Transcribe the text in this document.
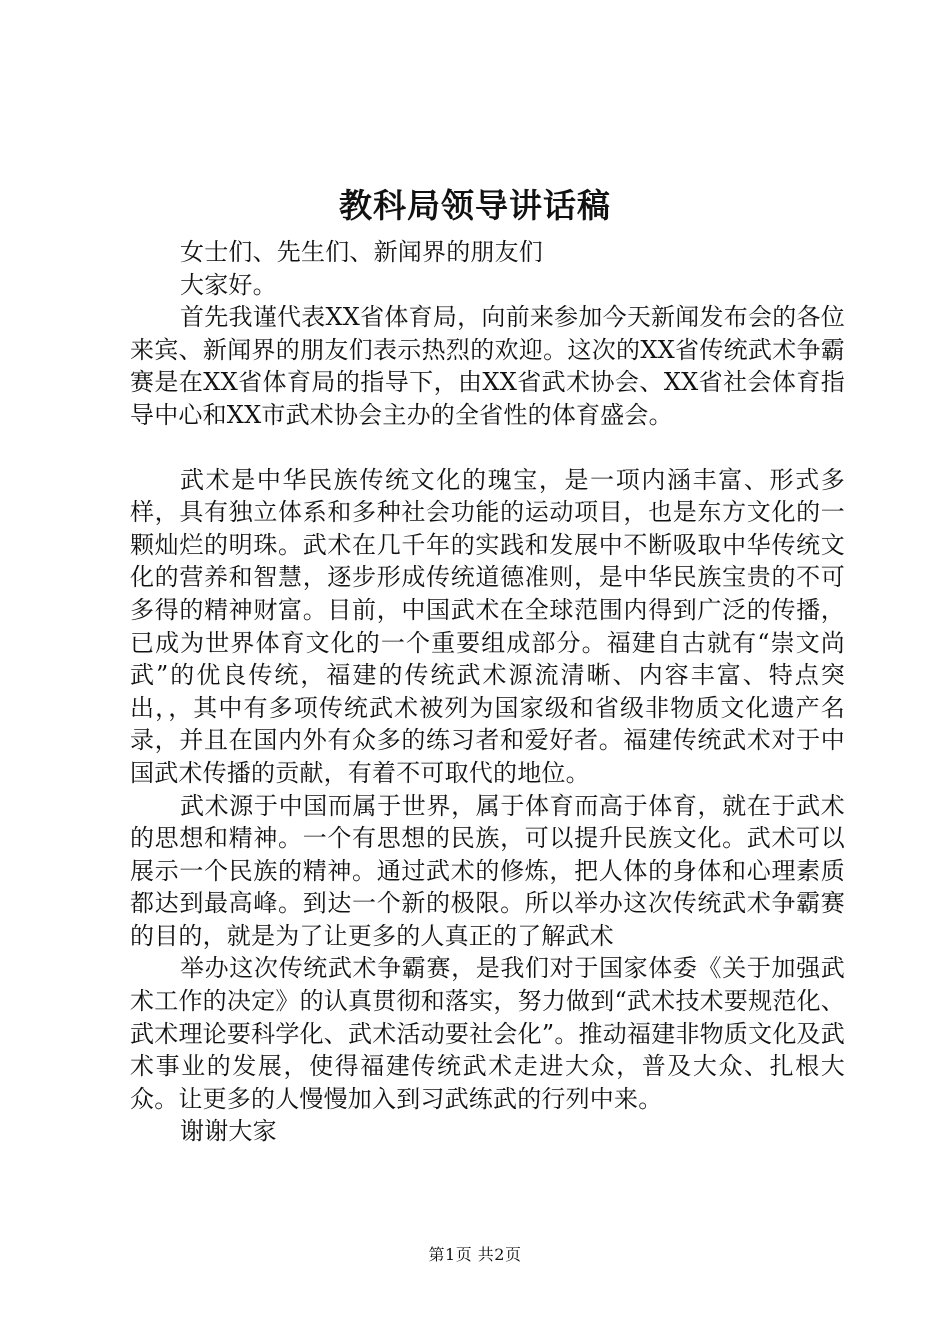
教科局领导讲话稿

女士们、先生们、新闻界的朋友们

大家好。

首先我谨代表XX省体育局，向前来参加今天新闻发布会的各位来宾、新闻界的朋友们表示热烈的欢迎。这次的XX省传统武术争霸赛是在XX省体育局的指导下，由XX省武术协会、XX省社会体育指导中心和XX市武术协会主办的全省性的体育盛会。

武术是中华民族传统文化的瑰宝，是一项内涵丰富、形式多样，具有独立体系和多种社会功能的运动项目，也是东方文化的一颗灿烂的明珠。武术在几千年的实践和发展中不断吸取中华传统文化的营养和智慧，逐步形成传统道德准则，是中华民族宝贵的不可多得的精神财富。目前，中国武术在全球范围内得到广泛的传播，已成为世界体育文化的一个重要组成部分。福建自古就有“崇文尚武”的优良传统，福建的传统武术源流清晰、内容丰富、特点突出，，其中有多项传统武术被列为国家级和省级非物质文化遗产名录，并且在国内外有众多的练习者和爱好者。福建传统武术对于中国武术传播的贡献，有着不可取代的地位。

武术源于中国而属于世界，属于体育而高于体育，就在于武术的思想和精神。一个有思想的民族，可以提升民族文化。武术可以展示一个民族的精神。通过武术的修炼，把人体的身体和心理素质都达到最高峰。到达一个新的极限。所以举办这次传统武术争霸赛的目的，就是为了让更多的人真正的了解武术

举办这次传统武术争霸赛，是我们对于国家体委《关于加强武术工作的决定》的认真贯彻和落实，努力做到“武术技术要规范化、武术理论要科学化、武术活动要社会化”。推动福建非物质文化及武术事业的发展，使得福建传统武术走进大众，普及大众、扎根大众。让更多的人慢慢加入到习武练武的行列中来。

谢谢大家

第1页 共2页
